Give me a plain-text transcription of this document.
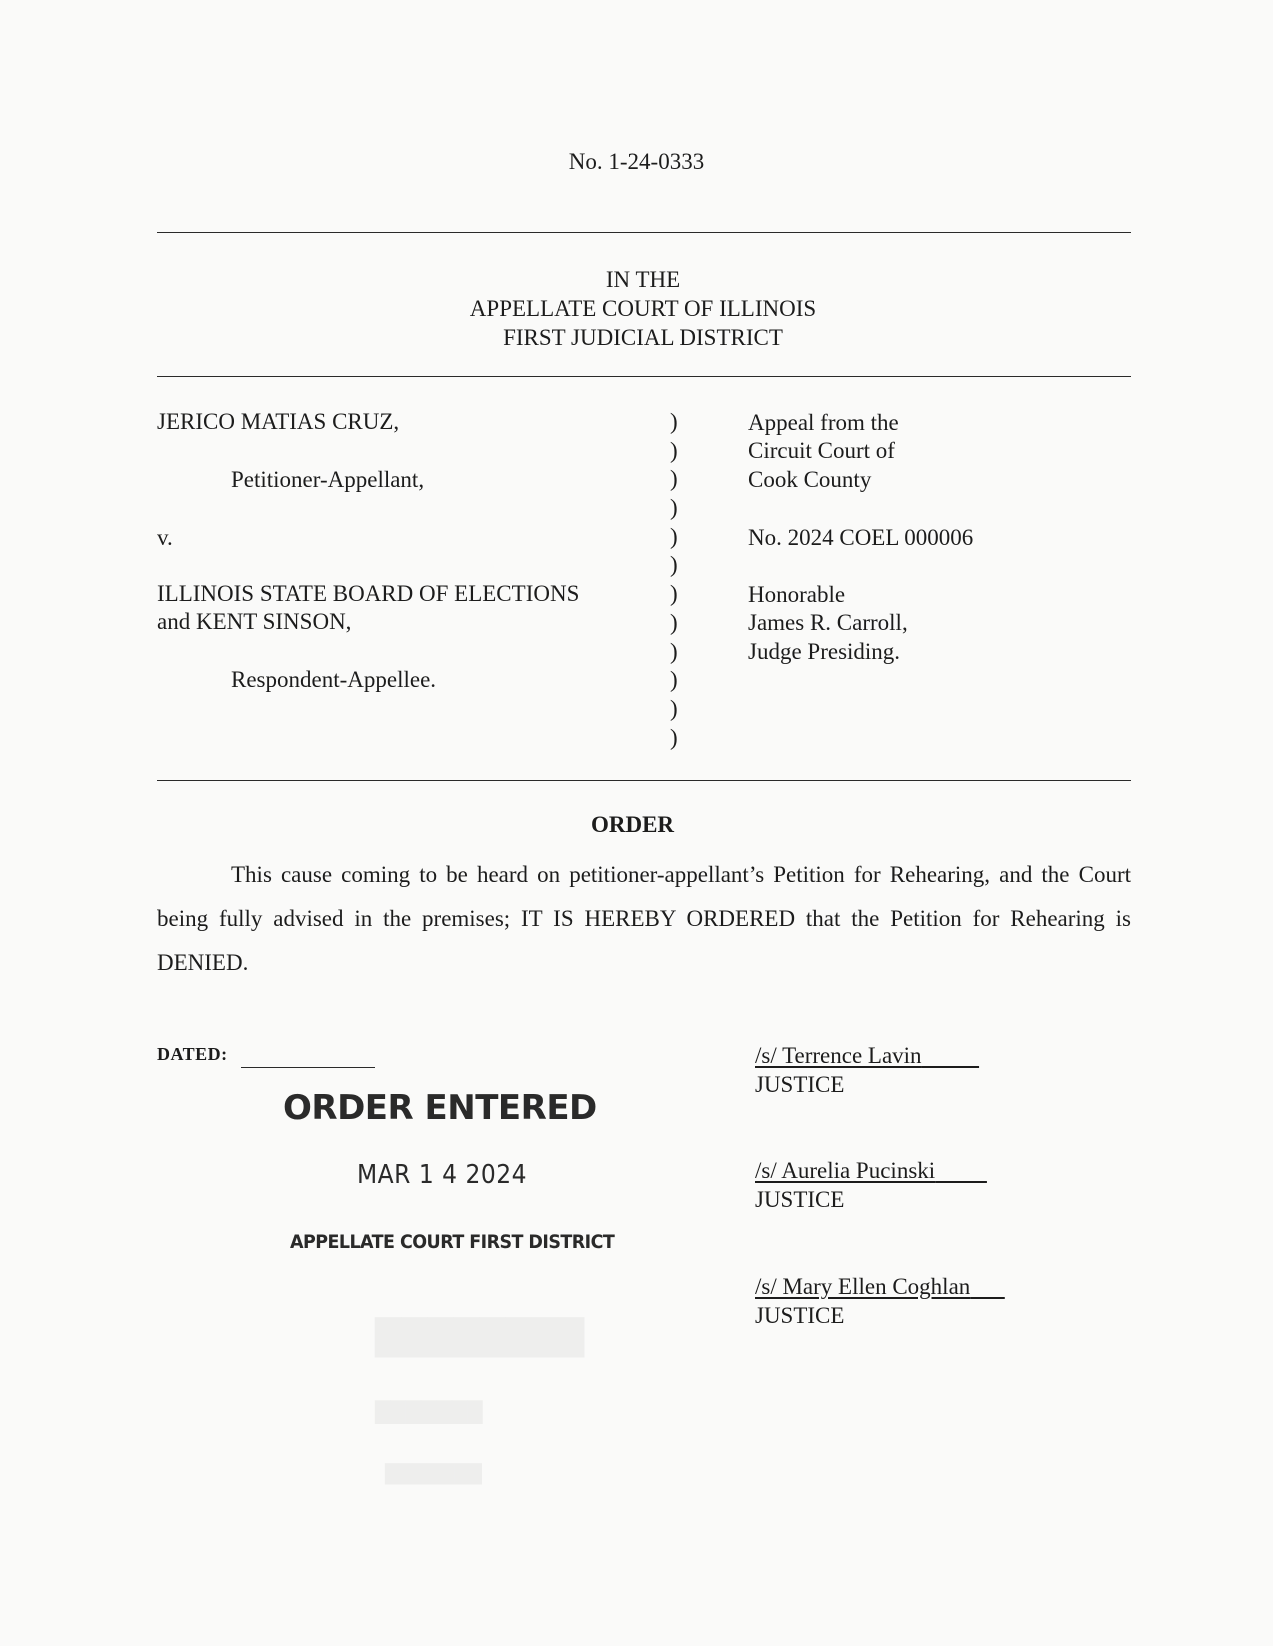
No. 1-24-0333
IN THE
APPELLATE COURT OF ILLINOIS
FIRST JUDICIAL DISTRICT
JERICO MATIAS CRUZ,
Petitioner-Appellant,
v.
ILLINOIS STATE BOARD OF ELECTIONS
and KENT SINSON,
Respondent-Appellee.
)
)
)
)
)
)
)
)
)
)
)
)
Appeal from the
Circuit Court of
Cook County
No. 2024 COEL 000006
Honorable
James R. Carroll,
Judge Presiding.
ORDER
This cause coming to be heard on petitioner-appellant’s Petition for Rehearing, and the Court being fully advised in the premises; IT IS HEREBY ORDERED that the Petition for Rehearing is DENIED.
DATED:
ORDER ENTERED
MAR 1 4 2024
APPELLATE COURT FIRST DISTRICT
/s/ Terrence Lavin
JUSTICE
/s/ Aurelia Pucinski
JUSTICE
/s/ Mary Ellen Coghlan
JUSTICE
